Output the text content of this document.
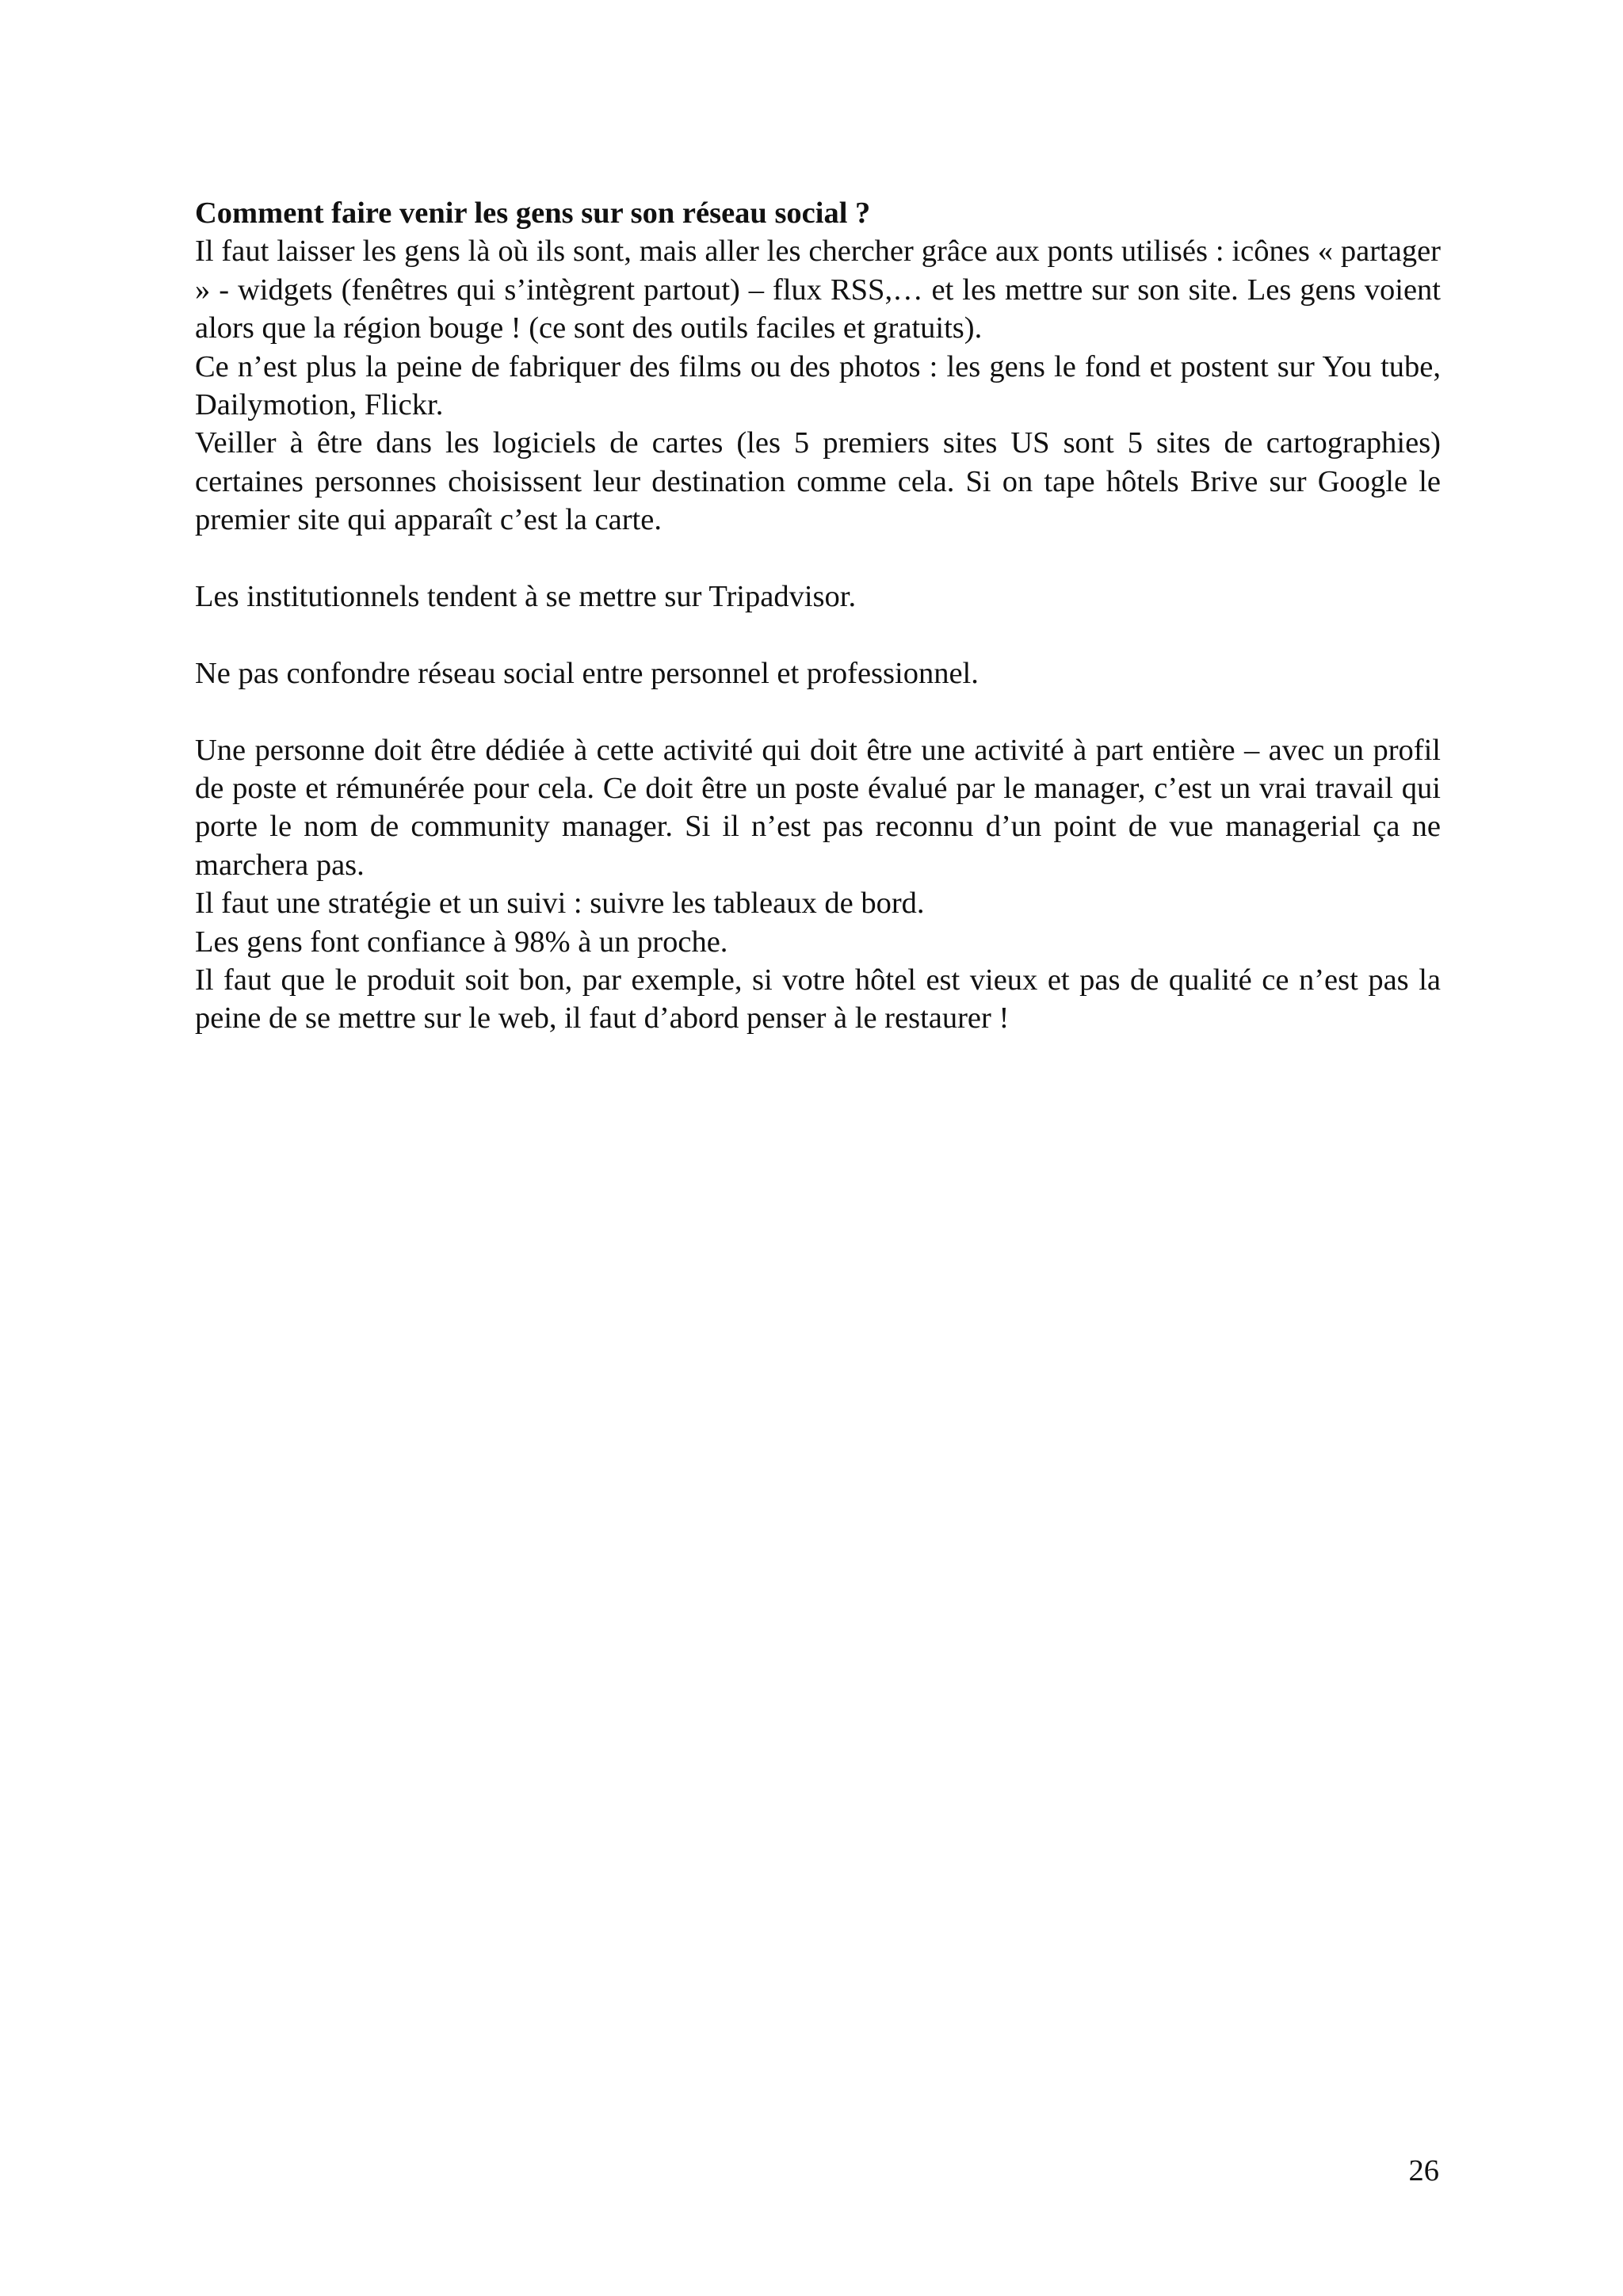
Comment faire venir les gens sur son réseau social ?

Il faut laisser les gens là où ils sont, mais aller les chercher grâce aux ponts utilisés : icônes « partager » - widgets (fenêtres qui s’intègrent partout) – flux RSS,… et les mettre sur son site. Les gens voient alors que la région bouge ! (ce sont des outils faciles et gratuits).

Ce n’est plus la peine de fabriquer des films ou des photos : les gens le fond et postent sur You tube, Dailymotion, Flickr.

Veiller à être dans les logiciels de cartes (les 5 premiers sites US sont 5 sites de cartographies) certaines personnes choisissent leur destination comme cela. Si on tape hôtels Brive sur Google le premier site qui apparaît c’est la carte.

Les institutionnels tendent à se mettre sur Tripadvisor.

Ne pas confondre réseau social entre personnel et professionnel.

Une personne doit être dédiée à cette activité qui doit être une activité à part entière – avec un profil de poste et rémunérée pour cela. Ce doit être un poste évalué par le manager, c’est un vrai travail qui porte le nom de community manager. Si il n’est pas reconnu d’un point de vue managerial ça ne marchera pas.

Il faut une stratégie et un suivi : suivre les tableaux de bord.

Les gens font confiance à 98% à un proche.

Il faut que le produit soit bon, par exemple, si votre hôtel est vieux et pas de qualité ce n’est pas la peine de se mettre sur le web, il faut d’abord penser à le restaurer !

26
